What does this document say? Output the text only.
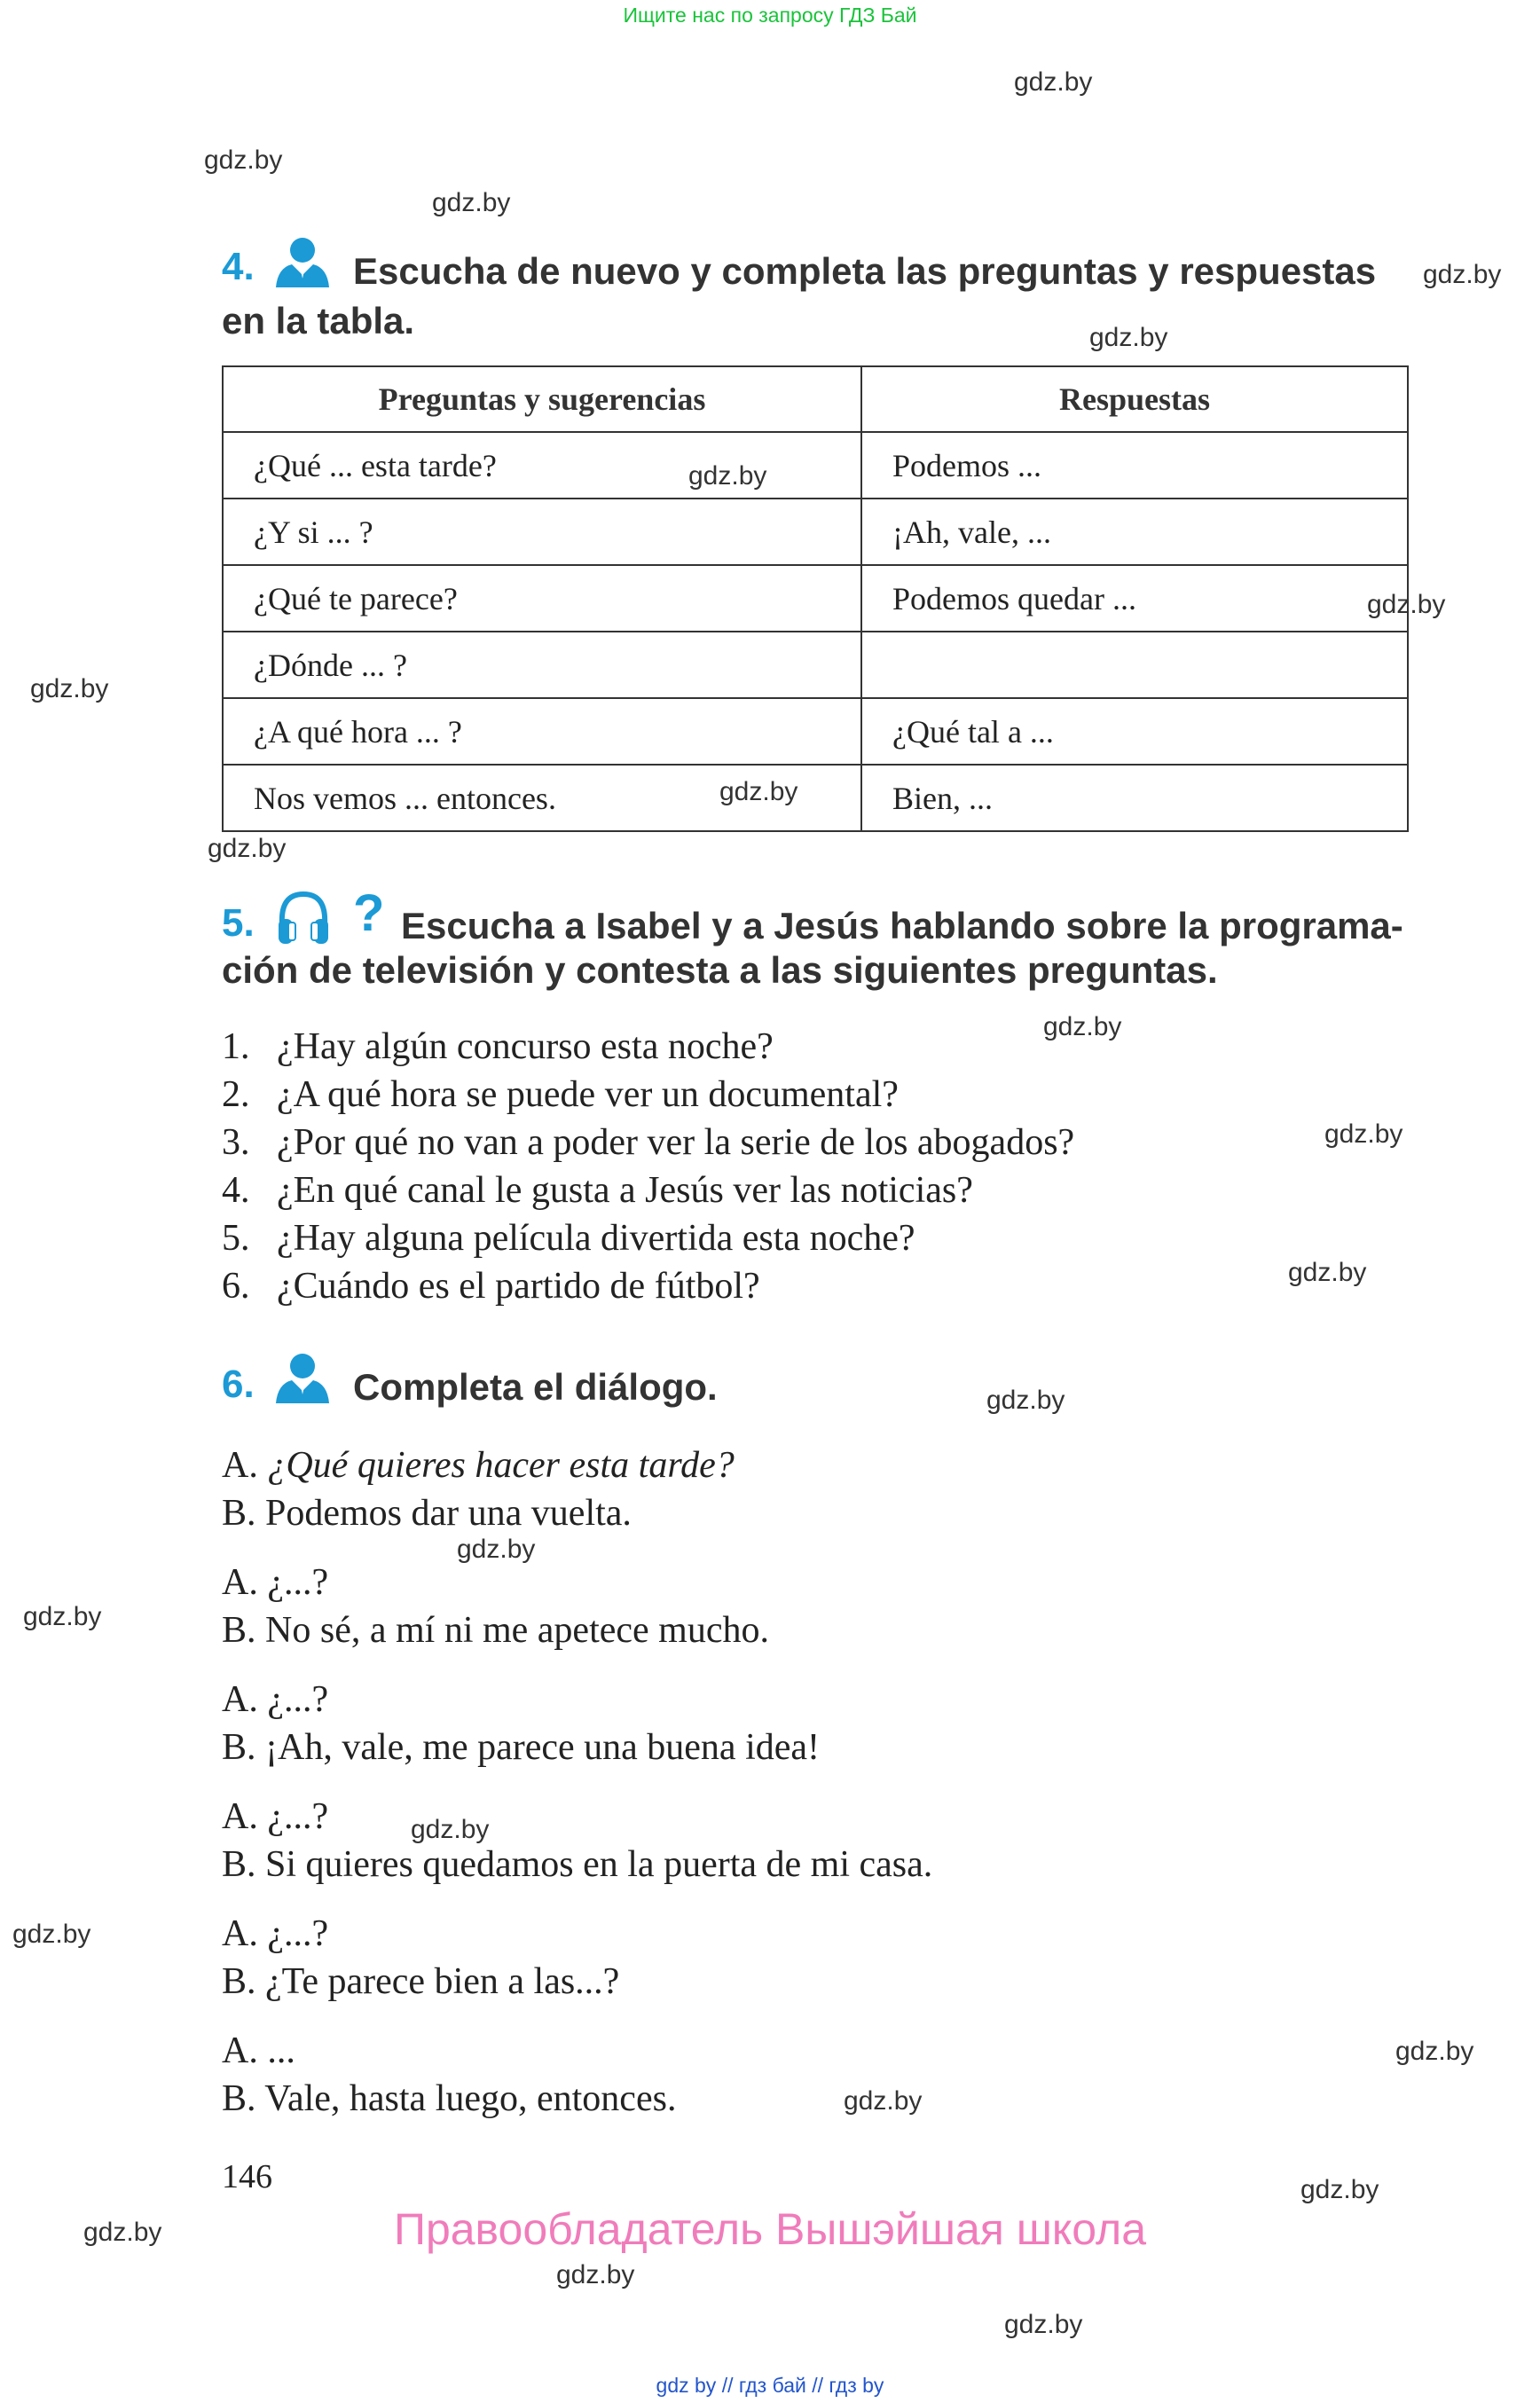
Ищите нас по запросу ГДЗ Бай
gdz.by
gdz.by
gdz.by
gdz.by
gdz.by
gdz.by
gdz.by
gdz.by
gdz.by
gdz.by
gdz.by
gdz.by
gdz.by
gdz.by
gdz.by
gdz.by
gdz.by
gdz.by
gdz.by
gdz.by
gdz.by
gdz.by
gdz.by
gdz.by
4.	Escucha de nuevo y completa las preguntas y respuestas
en la tabla.
Preguntas y sugerencias	Respuestas
¿Qué ... esta tarde?	Podemos ...
¿Y si ... ?	¡Ah, vale, ...
¿Qué te parece?	Podemos quedar ...
¿Dónde ... ?	
¿A qué hora ... ?	¿Qué tal a ...
Nos vemos ... entonces.	Bien, ...
5. ? Escucha a Isabel y a Jesús hablando sobre la programa-
ción de televisión y contesta a las siguientes preguntas.
1. ¿Hay algún concurso esta noche?
2. ¿A qué hora se puede ver un documental?
3. ¿Por qué no van a poder ver la serie de los abogados?
4. ¿En qué canal le gusta a Jesús ver las noticias?
5. ¿Hay alguna película divertida esta noche?
6. ¿Cuándo es el partido de fútbol?
6.	Completa el diálogo.
A. ¿Qué quieres hacer esta tarde?
B. Podemos dar una vuelta.
A. ¿...?
B. No sé, a mí ni me apetece mucho.
A. ¿...?
B. ¡Ah, vale, me parece una buena idea!
A. ¿...?
B. Si quieres quedamos en la puerta de mi casa.
A. ¿...?
B. ¿Te parece bien a las...?
A. ...
B. Vale, hasta luego, entonces.
146
Правообладатель Вышэйшая школа
gdz by // гдз бай // гдз by
